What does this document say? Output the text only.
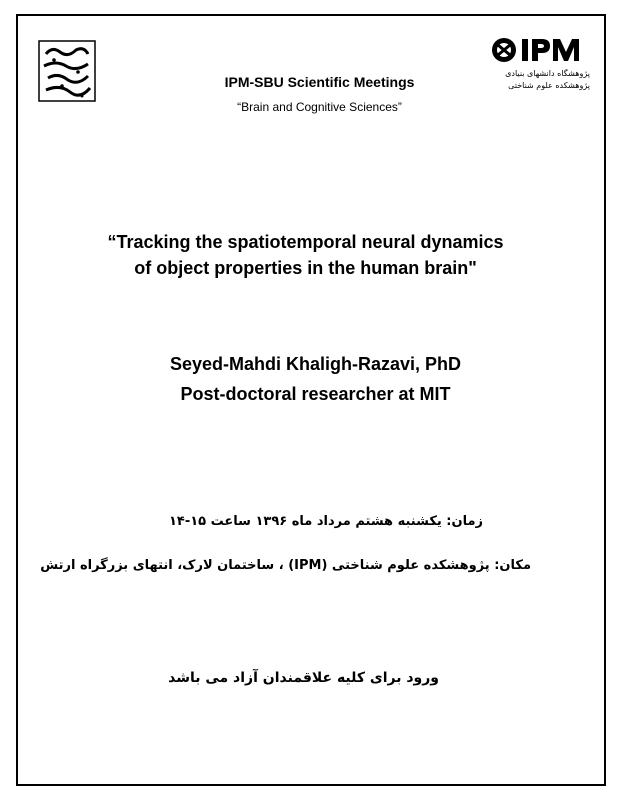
پژوهشگاه دانشهای بنیادی
پژوهشکده علوم شناختی
IPM-SBU Scientific Meetings
“Brain and Cognitive Sciences”
“Tracking the spatiotemporal neural dynamics
of object properties in the human brain"
Seyed-Mahdi Khaligh-Razavi, PhD
Post-doctoral researcher at MIT
زمان: یکشنبه هشتم مرداد ماه ۱۳۹۶ ساعت ۱۵-۱۴
مکان: پژوهشکده علوم شناختی (IPM) ، ساختمان لارک، انتهای بزرگراه ارتش
ورود برای کلیه علاقمندان آزاد می باشد
